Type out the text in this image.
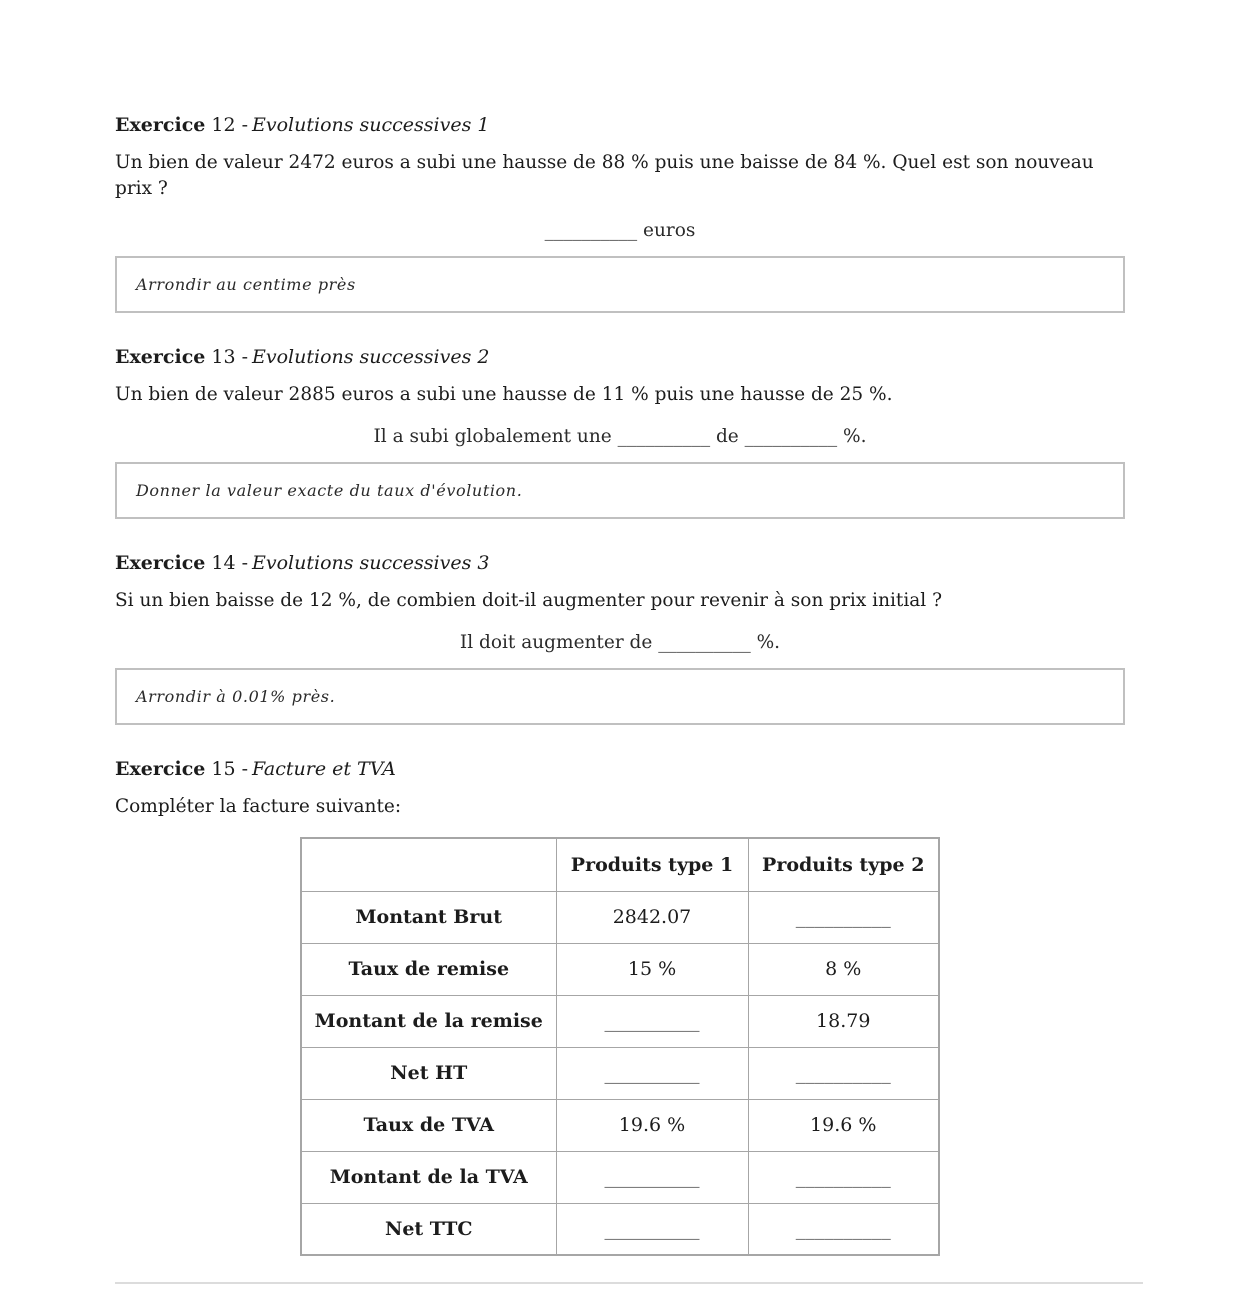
Exercice 12 - Evolutions successives 1

Un bien de valeur 2472 euros a subi une hausse de 88 % puis une baisse de 84 %. Quel est son nouveau prix ?

__________ euros
Arrondir au centime près
Exercice 13 - Evolutions successives 2

Un bien de valeur 2885 euros a subi une hausse de 11 % puis une hausse de 25 %.

Il a subi globalement une __________ de __________ %.
Donner la valeur exacte du taux d'évolution.
Exercice 14 - Evolutions successives 3

Si un bien baisse de 12 %, de combien doit-il augmenter pour revenir à son prix initial ?

Il doit augmenter de __________ %.
Arrondir à 0.01% près.
Exercice 15 - Facture et TVA

Compléter la facture suivante:

	Produits type 1	Produits type 2
Montant Brut	2842.07	__________
Taux de remise	15 %	8 %
Montant de la remise	__________	18.79
Net HT	__________	__________
Taux de TVA	19.6 %	19.6 %
Montant de la TVA	__________	__________
Net TTC	__________	__________
